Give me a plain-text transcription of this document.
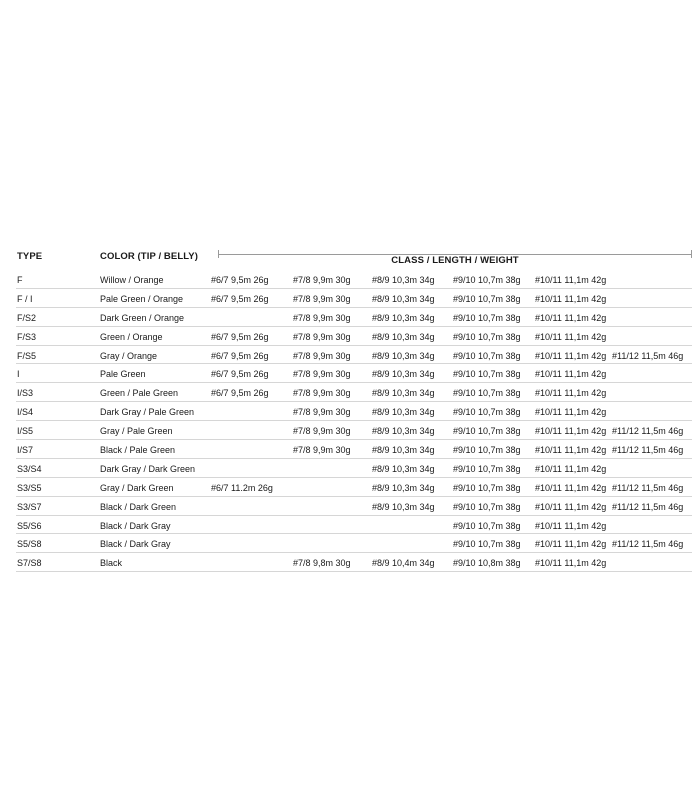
TYPE	COLOR (TIP / BELLY)	CLASS / LENGTH / WEIGHT
F	Willow / Orange	#6/7 9,5m 26g	#7/8 9,9m 30g #8/9 10,3m 34g #9/10 10,7m 38g #10/11 11,1m 42g
F / I	Pale Green / Orange	#6/7 9,5m 26g	#7/8 9,9m 30g #8/9 10,3m 34g #9/10 10,7m 38g #10/11 11,1m 42g
F/S2	Dark Green / Orange	#7/8 9,9m 30g #8/9 10,3m 34g #9/10 10,7m 38g #10/11 11,1m 42g
F/S3	Green / Orange	#6/7 9,5m 26g	#7/8 9,9m 30g #8/9 10,3m 34g #9/10 10,7m 38g #10/11 11,1m 42g
F/S5	Gray / Orange	#6/7 9,5m 26g	#7/8 9,9m 30g #8/9 10,3m 34g #9/10 10,7m 38g #10/11 11,1m 42g #11/12 11,5m 46g
I	Pale Green	#6/7 9,5m 26g	#7/8 9,9m 30g #8/9 10,3m 34g #9/10 10,7m 38g #10/11 11,1m 42g
I/S3	Green / Pale Green	#6/7 9,5m 26g	#7/8 9,9m 30g #8/9 10,3m 34g #9/10 10,7m 38g #10/11 11,1m 42g
I/S4	Dark Gray / Pale Green	#7/8 9,9m 30g #8/9 10,3m 34g #9/10 10,7m 38g #10/11 11,1m 42g
I/S5	Gray / Pale Green	#7/8 9,9m 30g #8/9 10,3m 34g #9/10 10,7m 38g #10/11 11,1m 42g #11/12 11,5m 46g
I/S7	Black / Pale Green	#7/8 9,9m 30g #8/9 10,3m 34g #9/10 10,7m 38g #10/11 11,1m 42g #11/12 11,5m 46g
S3/S4	Dark Gray / Dark Green	#8/9 10,3m 34g #9/10 10,7m 38g #10/11 11,1m 42g
S3/S5	Gray / Dark Green	#6/7 11.2m 26g	#8/9 10,3m 34g #9/10 10,7m 38g #10/11 11,1m 42g #11/12 11,5m 46g
S3/S7	Black / Dark Green	#8/9 10,3m 34g #9/10 10,7m 38g #10/11 11,1m 42g #11/12 11,5m 46g
S5/S6	Black / Dark Gray	#9/10 10,7m 38g #10/11 11,1m 42g
S5/S8	Black / Dark Gray	#9/10 10,7m 38g #10/11 11,1m 42g #11/12 11,5m 46g
S7/S8	Black	#7/8 9,8m 30g #8/9 10,4m 34g #9/10 10,8m 38g #10/11 11,1m 42g
